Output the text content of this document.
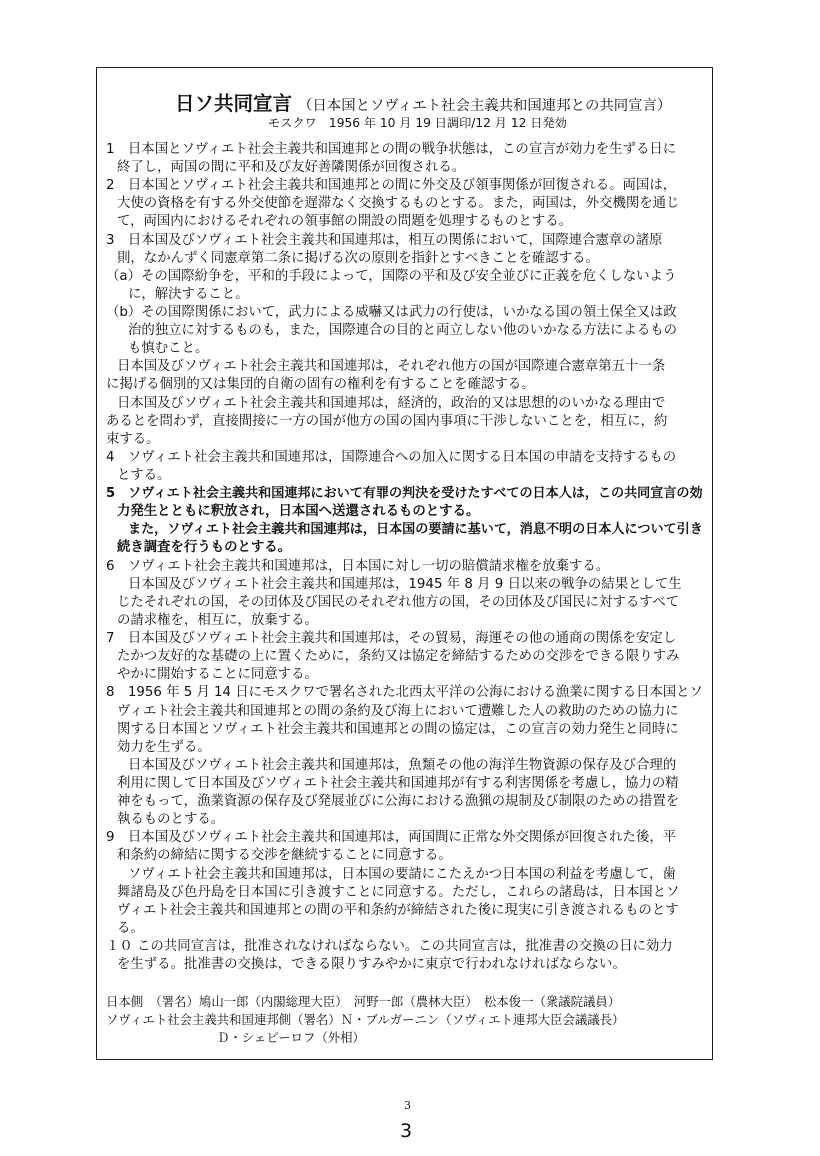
日ソ共同宣言 （日本国とソヴィエト社会主義共和国連邦との共同宣言）
モスクワ　1956 年 10 月 19 日調印/12 月 12 日発効
1　日本国とソヴィエト社会主義共和国連邦との間の戦争状態は，この宣言が効力を生ずる日に
終了し，両国の間に平和及び友好善隣関係が回復される。
2　日本国とソヴィエト社会主義共和国連邦との間に外交及び領事関係が回復される。両国は，
大使の資格を有する外交使節を遅滞なく交換するものとする。また，両国は，外交機関を通じ
て，両国内におけるそれぞれの領事館の開設の問題を処理するものとする。
3　日本国及びソヴィエト社会主義共和国連邦は，相互の関係において，国際連合憲章の諸原
則，なかんずく同憲章第二条に掲げる次の原則を指針とすべきことを確認する。
（a）その国際紛争を，平和的手段によって，国際の平和及び安全並びに正義を危くしないよう
に，解決すること。
（b）その国際関係において，武力による威嚇又は武力の行使は，いかなる国の領土保全又は政
治的独立に対するものも，また，国際連合の目的と両立しない他のいかなる方法によるもの
も慎むこと。
日本国及びソヴィエト社会主義共和国連邦は，それぞれ他方の国が国際連合憲章第五十一条
に掲げる個別的又は集団的自衛の固有の権利を有することを確認する。
日本国及びソヴィエト社会主義共和国連邦は，経済的，政治的又は思想的のいかなる理由で
あるとを問わず，直接間接に一方の国が他方の国の国内事項に干渉しないことを，相互に，約
束する。
4　ソヴィエト社会主義共和国連邦は，国際連合への加入に関する日本国の申請を支持するもの
とする。
5　ソヴィエト社会主義共和国連邦において有罪の判決を受けたすべての日本人は，この共同宣言の効
力発生とともに釈放され，日本国へ送還されるものとする。
また，ソヴィエト社会主義共和国連邦は，日本国の要請に基いて，消息不明の日本人について引き
続き調査を行うものとする。
6　ソヴィエト社会主義共和国連邦は，日本国に対し一切の賠償請求権を放棄する。
日本国及びソヴィエト社会主義共和国連邦は，1945 年 8 月 9 日以来の戦争の結果として生
じたそれぞれの国，その団体及び国民のそれぞれ他方の国，その団体及び国民に対するすべて
の請求権を，相互に，放棄する。
7　日本国及びソヴィエト社会主義共和国連邦は，その貿易，海運その他の通商の関係を安定し
たかつ友好的な基礎の上に置くために，条約又は協定を締結するための交渉をできる限りすみ
やかに開始することに同意する。
8　1956 年 5 月 14 日にモスクワで署名された北西太平洋の公海における漁業に関する日本国とソ
ヴィエト社会主義共和国連邦との間の条約及び海上において遭難した人の救助のための協力に
関する日本国とソヴィエト社会主義共和国連邦との間の協定は，この宣言の効力発生と同時に
効力を生ずる。
日本国及びソヴィエト社会主義共和国連邦は，魚類その他の海洋生物資源の保存及び合理的
利用に関して日本国及びソヴィエト社会主義共和国連邦が有する利害関係を考慮し，協力の精
神をもって，漁業資源の保存及び発展並びに公海における漁猟の規制及び制限のための措置を
執るものとする。
9　日本国及びソヴィエト社会主義共和国連邦は，両国間に正常な外交関係が回復された後，平
和条約の締結に関する交渉を継続することに同意する。
ソヴィエト社会主義共和国連邦は，日本国の要請にこたえかつ日本国の利益を考慮して，歯
舞諸島及び色丹島を日本国に引き渡すことに同意する。ただし，これらの諸島は，日本国とソ
ヴィエト社会主義共和国連邦との間の平和条約が締結された後に現実に引き渡されるものとす
る。
１０ この共同宣言は，批准されなければならない。この共同宣言は，批准書の交換の日に効力
を生ずる。批准書の交換は，できる限りすみやかに東京で行われなければならない。
日本側　（署名）鳩山一郎（内閣総理大臣）　河野一郎（農林大臣）　松本俊一（衆議院議員）
ソヴィエト社会主義共和国連邦側（署名）Ｎ・ブルガーニン（ソヴィエト連邦大臣会議議長）
Ｄ・シェピーロフ（外相）
3
3
